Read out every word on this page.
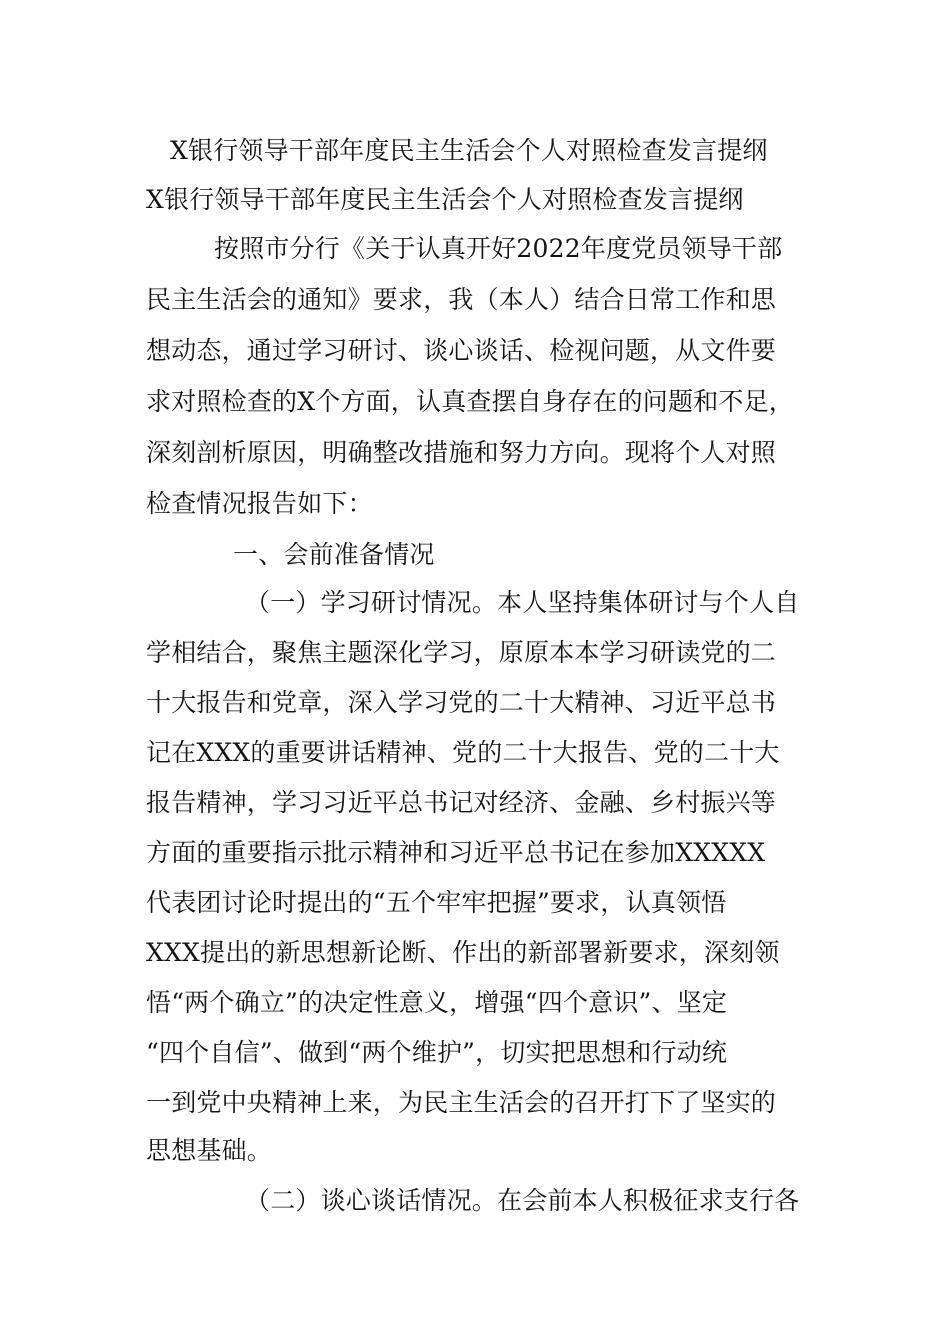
X银行领导干部年度民主生活会个人对照检查发言提纲
X银行领导干部年度民主生活会个人对照检查发言提纲
按照市分行《关于认真开好2022年度党员领导干部
民主生活会的通知》要求，我（本人）结合日常工作和思
想动态，通过学习研讨、谈心谈话、检视问题，从文件要
求对照检查的X个方面，认真查摆自身存在的问题和不足，
深刻剖析原因，明确整改措施和努力方向。现将个人对照
检查情况报告如下：
一、会前准备情况
（一）学习研讨情况。本人坚持集体研讨与个人自
学相结合，聚焦主题深化学习，原原本本学习研读党的二
十大报告和党章，深入学习党的二十大精神、习近平总书
记在XXX的重要讲话精神、党的二十大报告、党的二十大
报告精神，学习习近平总书记对经济、金融、乡村振兴等
方面的重要指示批示精神和习近平总书记在参加XXXXX
代表团讨论时提出的“五个牢牢把握”要求，认真领悟
XXX提出的新思想新论断、作出的新部署新要求，深刻领
悟“两个确立”的决定性意义，增强“四个意识”、坚定
“四个自信”、做到“两个维护”，切实把思想和行动统
一到党中央精神上来，为民主生活会的召开打下了坚实的
思想基础。
（二）谈心谈话情况。在会前本人积极征求支行各
